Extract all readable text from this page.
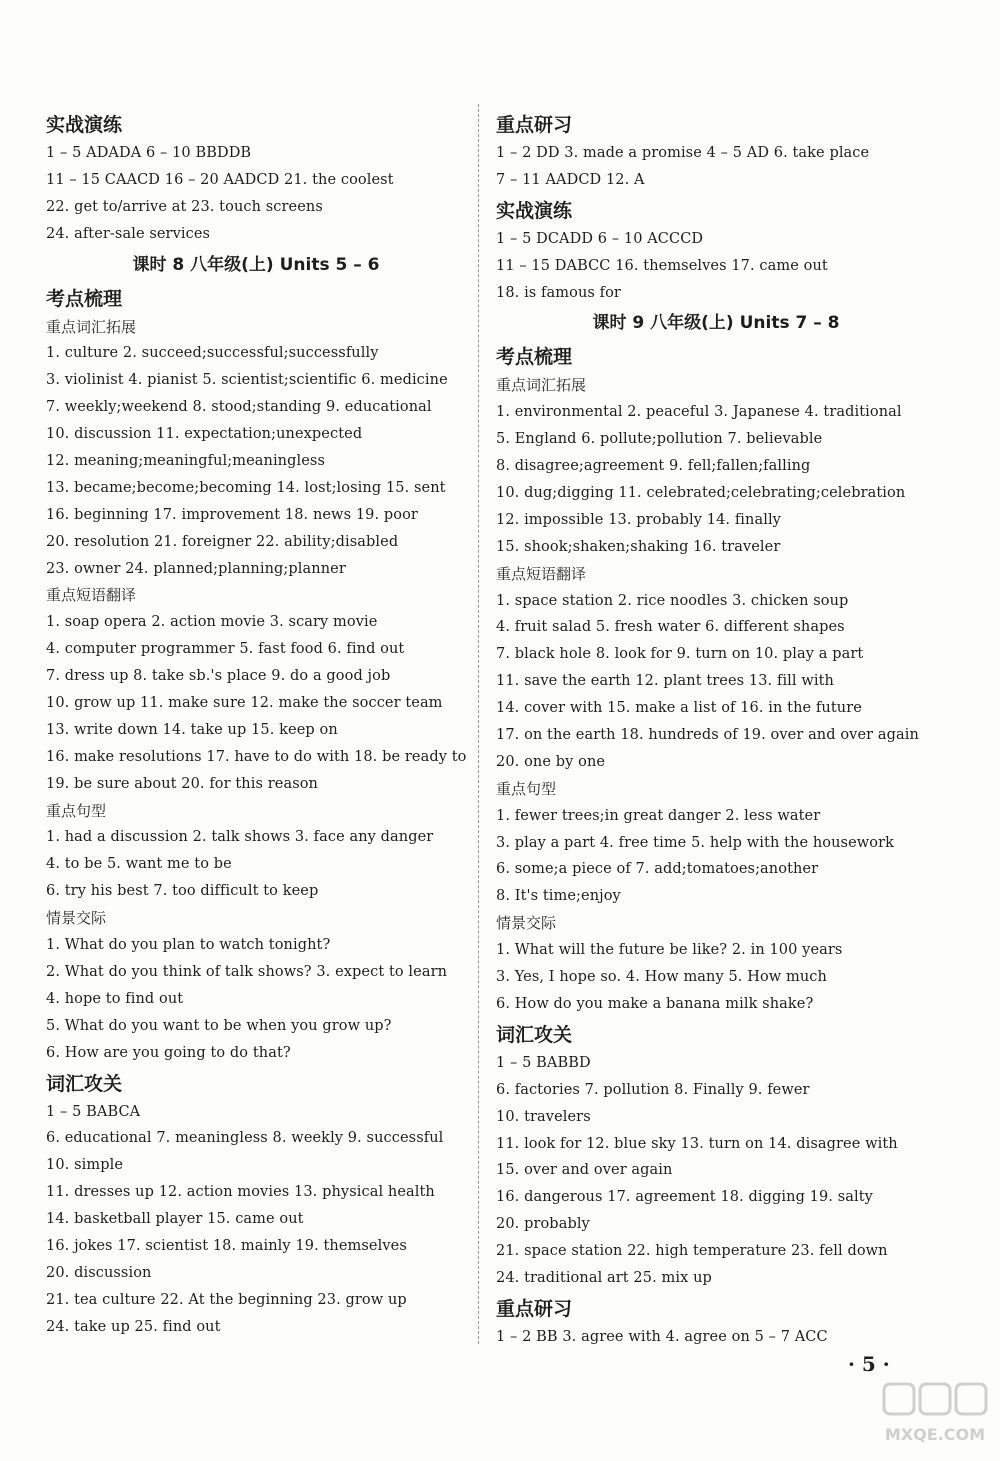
实战演练
1 – 5 ADADA 6 – 10 BBDDB
11 – 15 CAACD 16 – 20 AADCD 21. the coolest
22. get to/arrive at 23. touch screens
24. after-sale services
课时 8 八年级(上) Units 5 – 6
考点梳理
重点词汇拓展
1. culture 2. succeed;successful;successfully
3. violinist 4. pianist 5. scientist;scientific 6. medicine
7. weekly;weekend 8. stood;standing 9. educational
10. discussion 11. expectation;unexpected
12. meaning;meaningful;meaningless
13. became;become;becoming 14. lost;losing 15. sent
16. beginning 17. improvement 18. news 19. poor
20. resolution 21. foreigner 22. ability;disabled
23. owner 24. planned;planning;planner
重点短语翻译
1. soap opera 2. action movie 3. scary movie
4. computer programmer 5. fast food 6. find out
7. dress up 8. take sb.'s place 9. do a good job
10. grow up 11. make sure 12. make the soccer team
13. write down 14. take up 15. keep on
16. make resolutions 17. have to do with 18. be ready to
19. be sure about 20. for this reason
重点句型
1. had a discussion 2. talk shows 3. face any danger
4. to be 5. want me to be
6. try his best 7. too difficult to keep
情景交际
1. What do you plan to watch tonight?
2. What do you think of talk shows? 3. expect to learn
4. hope to find out
5. What do you want to be when you grow up?
6. How are you going to do that?
词汇攻关
1 – 5 BABCA
6. educational 7. meaningless 8. weekly 9. successful
10. simple
11. dresses up 12. action movies 13. physical health
14. basketball player 15. came out
16. jokes 17. scientist 18. mainly 19. themselves
20. discussion
21. tea culture 22. At the beginning 23. grow up
24. take up 25. find out
重点研习
1 – 2 DD 3. made a promise 4 – 5 AD 6. take place
7 – 11 AADCD 12. A
实战演练
1 – 5 DCADD 6 – 10 ACCCD
11 – 15 DABCC 16. themselves 17. came out
18. is famous for
课时 9 八年级(上) Units 7 – 8
考点梳理
重点词汇拓展
1. environmental 2. peaceful 3. Japanese 4. traditional
5. England 6. pollute;pollution 7. believable
8. disagree;agreement 9. fell;fallen;falling
10. dug;digging 11. celebrated;celebrating;celebration
12. impossible 13. probably 14. finally
15. shook;shaken;shaking 16. traveler
重点短语翻译
1. space station 2. rice noodles 3. chicken soup
4. fruit salad 5. fresh water 6. different shapes
7. black hole 8. look for 9. turn on 10. play a part
11. save the earth 12. plant trees 13. fill with
14. cover with 15. make a list of 16. in the future
17. on the earth 18. hundreds of 19. over and over again
20. one by one
重点句型
1. fewer trees;in great danger 2. less water
3. play a part 4. free time 5. help with the housework
6. some;a piece of 7. add;tomatoes;another
8. It's time;enjoy
情景交际
1. What will the future be like? 2. in 100 years
3. Yes, I hope so. 4. How many 5. How much
6. How do you make a banana milk shake?
词汇攻关
1 – 5 BABBD
6. factories 7. pollution 8. Finally 9. fewer
10. travelers
11. look for 12. blue sky 13. turn on 14. disagree with
15. over and over again
16. dangerous 17. agreement 18. digging 19. salty
20. probably
21. space station 22. high temperature 23. fell down
24. traditional art 25. mix up
重点研习
1 – 2 BB 3. agree with 4. agree on 5 – 7 ACC
· 5 ·
MXQE.COM
